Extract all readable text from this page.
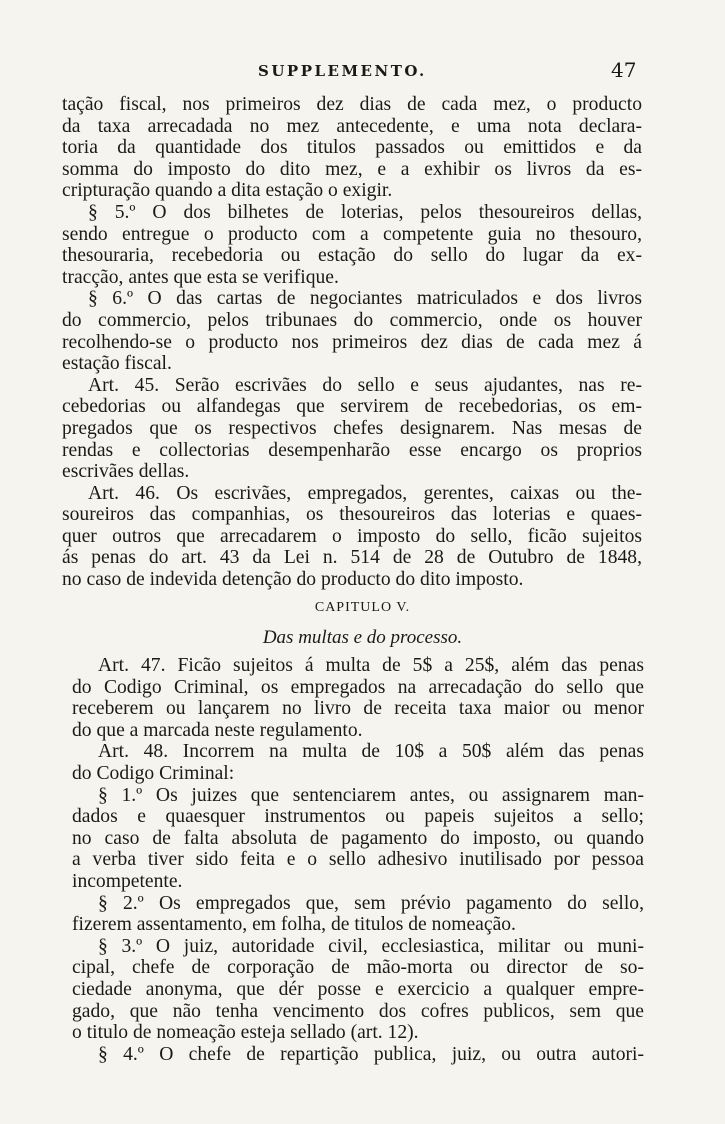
SUPPLEMENTO.	47
tação fiscal, nos primeiros dez dias de cada mez, o producto
da taxa arrecadada no mez antecedente, e uma nota declara-
toria da quantidade dos titulos passados ou emittidos e da
somma do imposto do dito mez, e a exhibir os livros da es-
cripturação quando a dita estação o exigir.
§ 5.º O dos bilhetes de loterias, pelos thesoureiros dellas,
sendo entregue o producto com a competente guia no thesouro,
thesouraria, recebedoria ou estação do sello do lugar da ex-
tracção, antes que esta se verifique.
§ 6.º O das cartas de negociantes matriculados e dos livros
do commercio, pelos tribunaes do commercio, onde os houver
recolhendo-se o producto nos primeiros dez dias de cada mez á
estação fiscal.
Art. 45. Serão escrivães do sello e seus ajudantes, nas re-
cebedorias ou alfandegas que servirem de recebedorias, os em-
pregados que os respectivos chefes designarem. Nas mesas de
rendas e collectorias desempenharão esse encargo os proprios
escrivães dellas.
Art. 46. Os escrivães, empregados, gerentes, caixas ou the-
soureiros das companhias, os thesoureiros das loterias e quaes-
quer outros que arrecadarem o imposto do sello, ficão sujeitos
ás penas do art. 43 da Lei n. 514 de 28 de Outubro de 1848,
no caso de indevida detenção do producto do dito imposto.
CAPITULO V.
Das multas e do processo.
Art. 47. Ficão sujeitos á multa de 5$ a 25$, além das penas
do Codigo Criminal, os empregados na arrecadação do sello que
receberem ou lançarem no livro de receita taxa maior ou menor
do que a marcada neste regulamento.
Art. 48. Incorrem na multa de 10$ a 50$ além das penas
do Codigo Criminal:
§ 1.º Os juizes que sentenciarem antes, ou assignarem man-
dados e quaesquer instrumentos ou papeis sujeitos a sello;
no caso de falta absoluta de pagamento do imposto, ou quando
a verba tiver sido feita e o sello adhesivo inutilisado por pessoa
incompetente.
§ 2.º Os empregados que, sem prévio pagamento do sello,
fizerem assentamento, em folha, de titulos de nomeação.
§ 3.º O juiz, autoridade civil, ecclesiastica, militar ou muni-
cipal, chefe de corporação de mão-morta ou director de so-
ciedade anonyma, que dér posse e exercicio a qualquer empre-
gado, que não tenha vencimento dos cofres publicos, sem que
o titulo de nomeação esteja sellado (art. 12).
§ 4.º O chefe de repartição publica, juiz, ou outra autori-
